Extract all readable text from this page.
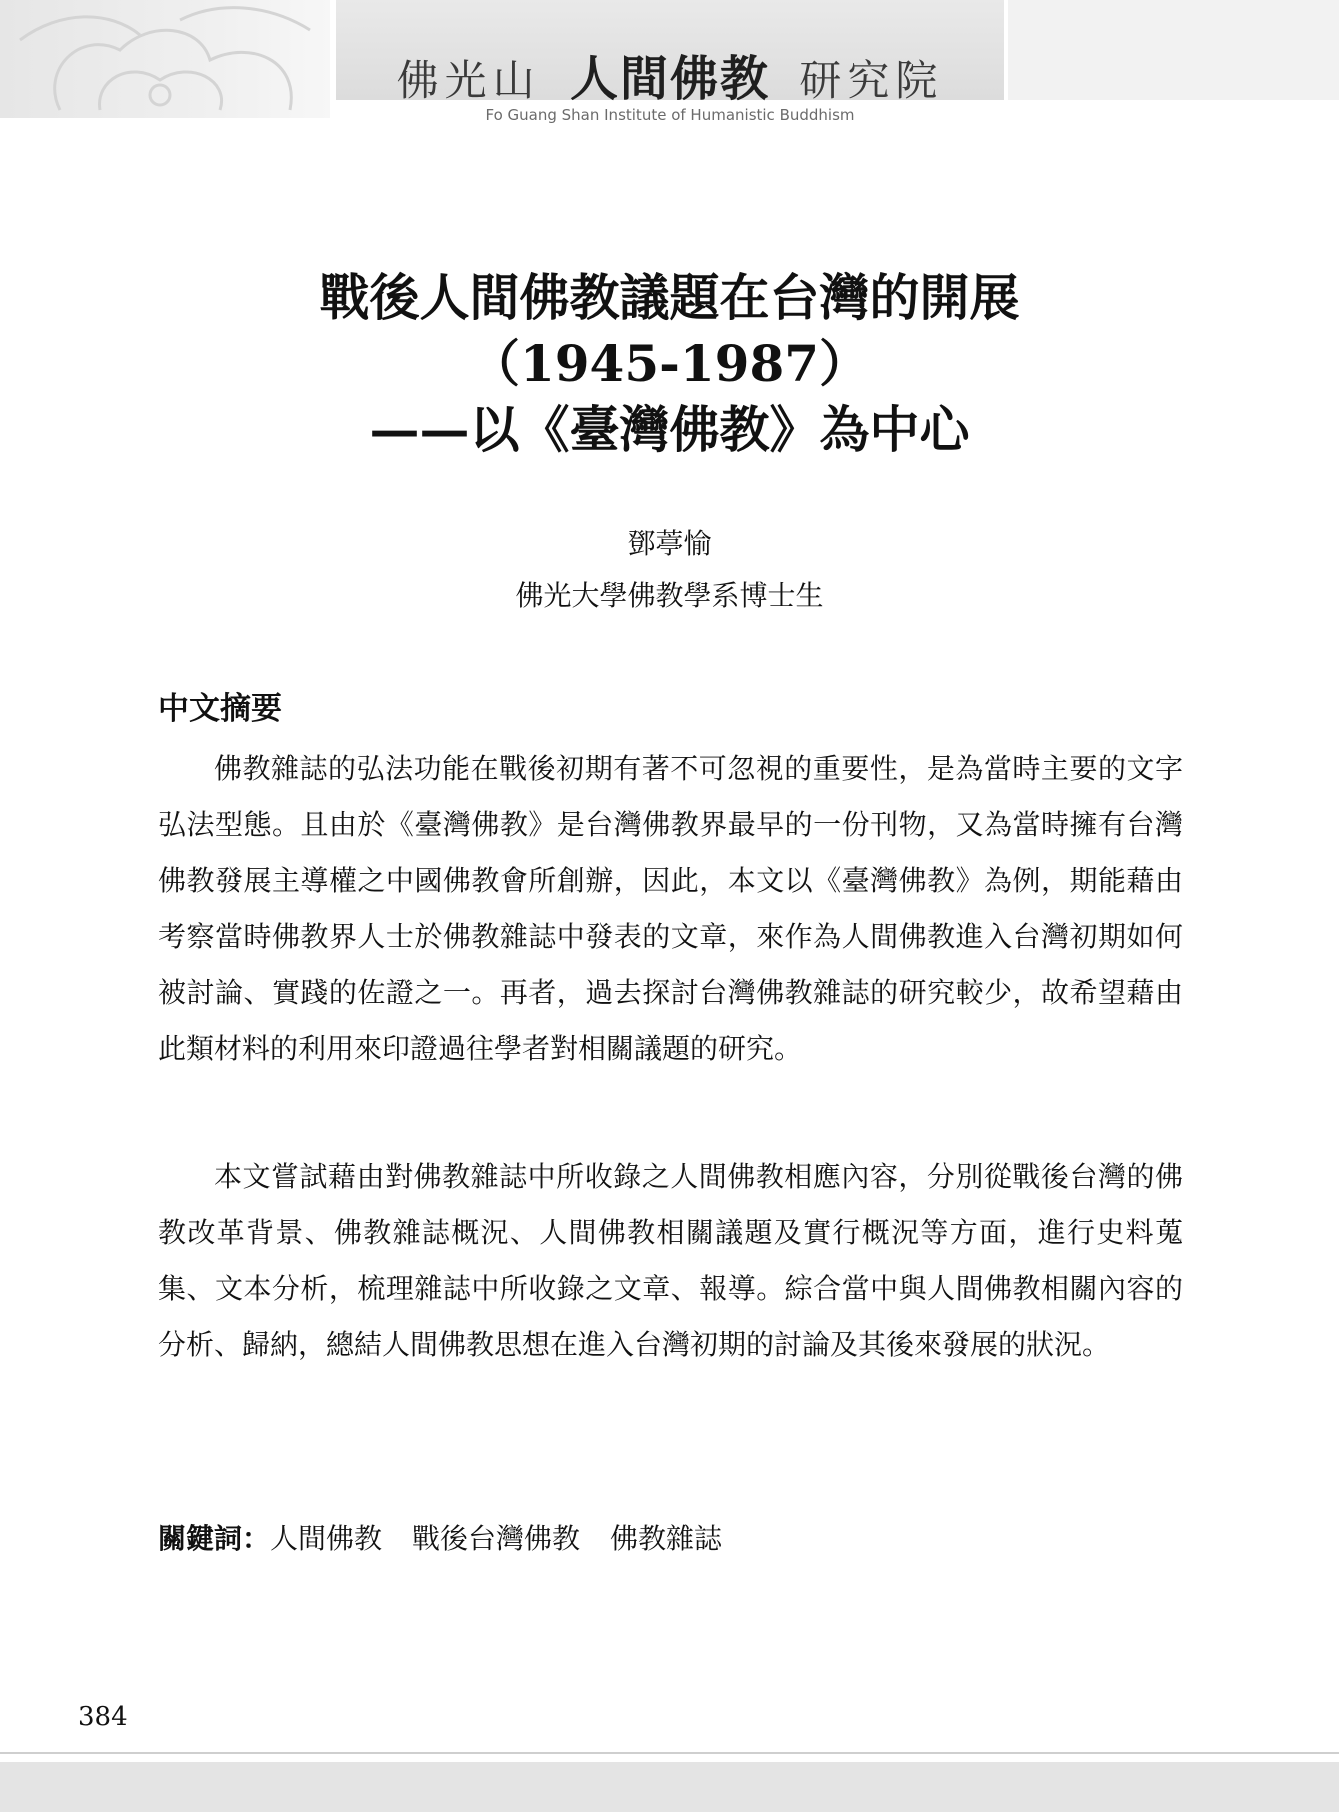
佛光山 人間佛教 研究院
Fo Guang Shan Institute of Humanistic Buddhism
戰後人間佛教議題在台灣的開展
（1945-1987）
——以《臺灣佛教》為中心
鄧葶愉
佛光大學佛教學系博士生
中文摘要

佛教雜誌的弘法功能在戰後初期有著不可忽視的重要性，是為當時主要的文字弘法型態。且由於《臺灣佛教》是台灣佛教界最早的一份刊物，又為當時擁有台灣佛教發展主導權之中國佛教會所創辦，因此，本文以《臺灣佛教》為例，期能藉由考察當時佛教界人士於佛教雜誌中發表的文章，來作為人間佛教進入台灣初期如何被討論、實踐的佐證之一。再者，過去探討台灣佛教雜誌的研究較少，故希望藉由此類材料的利用來印證過往學者對相關議題的研究。

本文嘗試藉由對佛教雜誌中所收錄之人間佛教相應內容，分別從戰後台灣的佛教改革背景、佛教雜誌概況、人間佛教相關議題及實行概況等方面，進行史料蒐集、文本分析，梳理雜誌中所收錄之文章、報導。綜合當中與人間佛教相關內容的分析、歸納，總結人間佛教思想在進入台灣初期的討論及其後來發展的狀況。

關鍵詞：人間佛教 戰後台灣佛教 佛教雜誌
384
